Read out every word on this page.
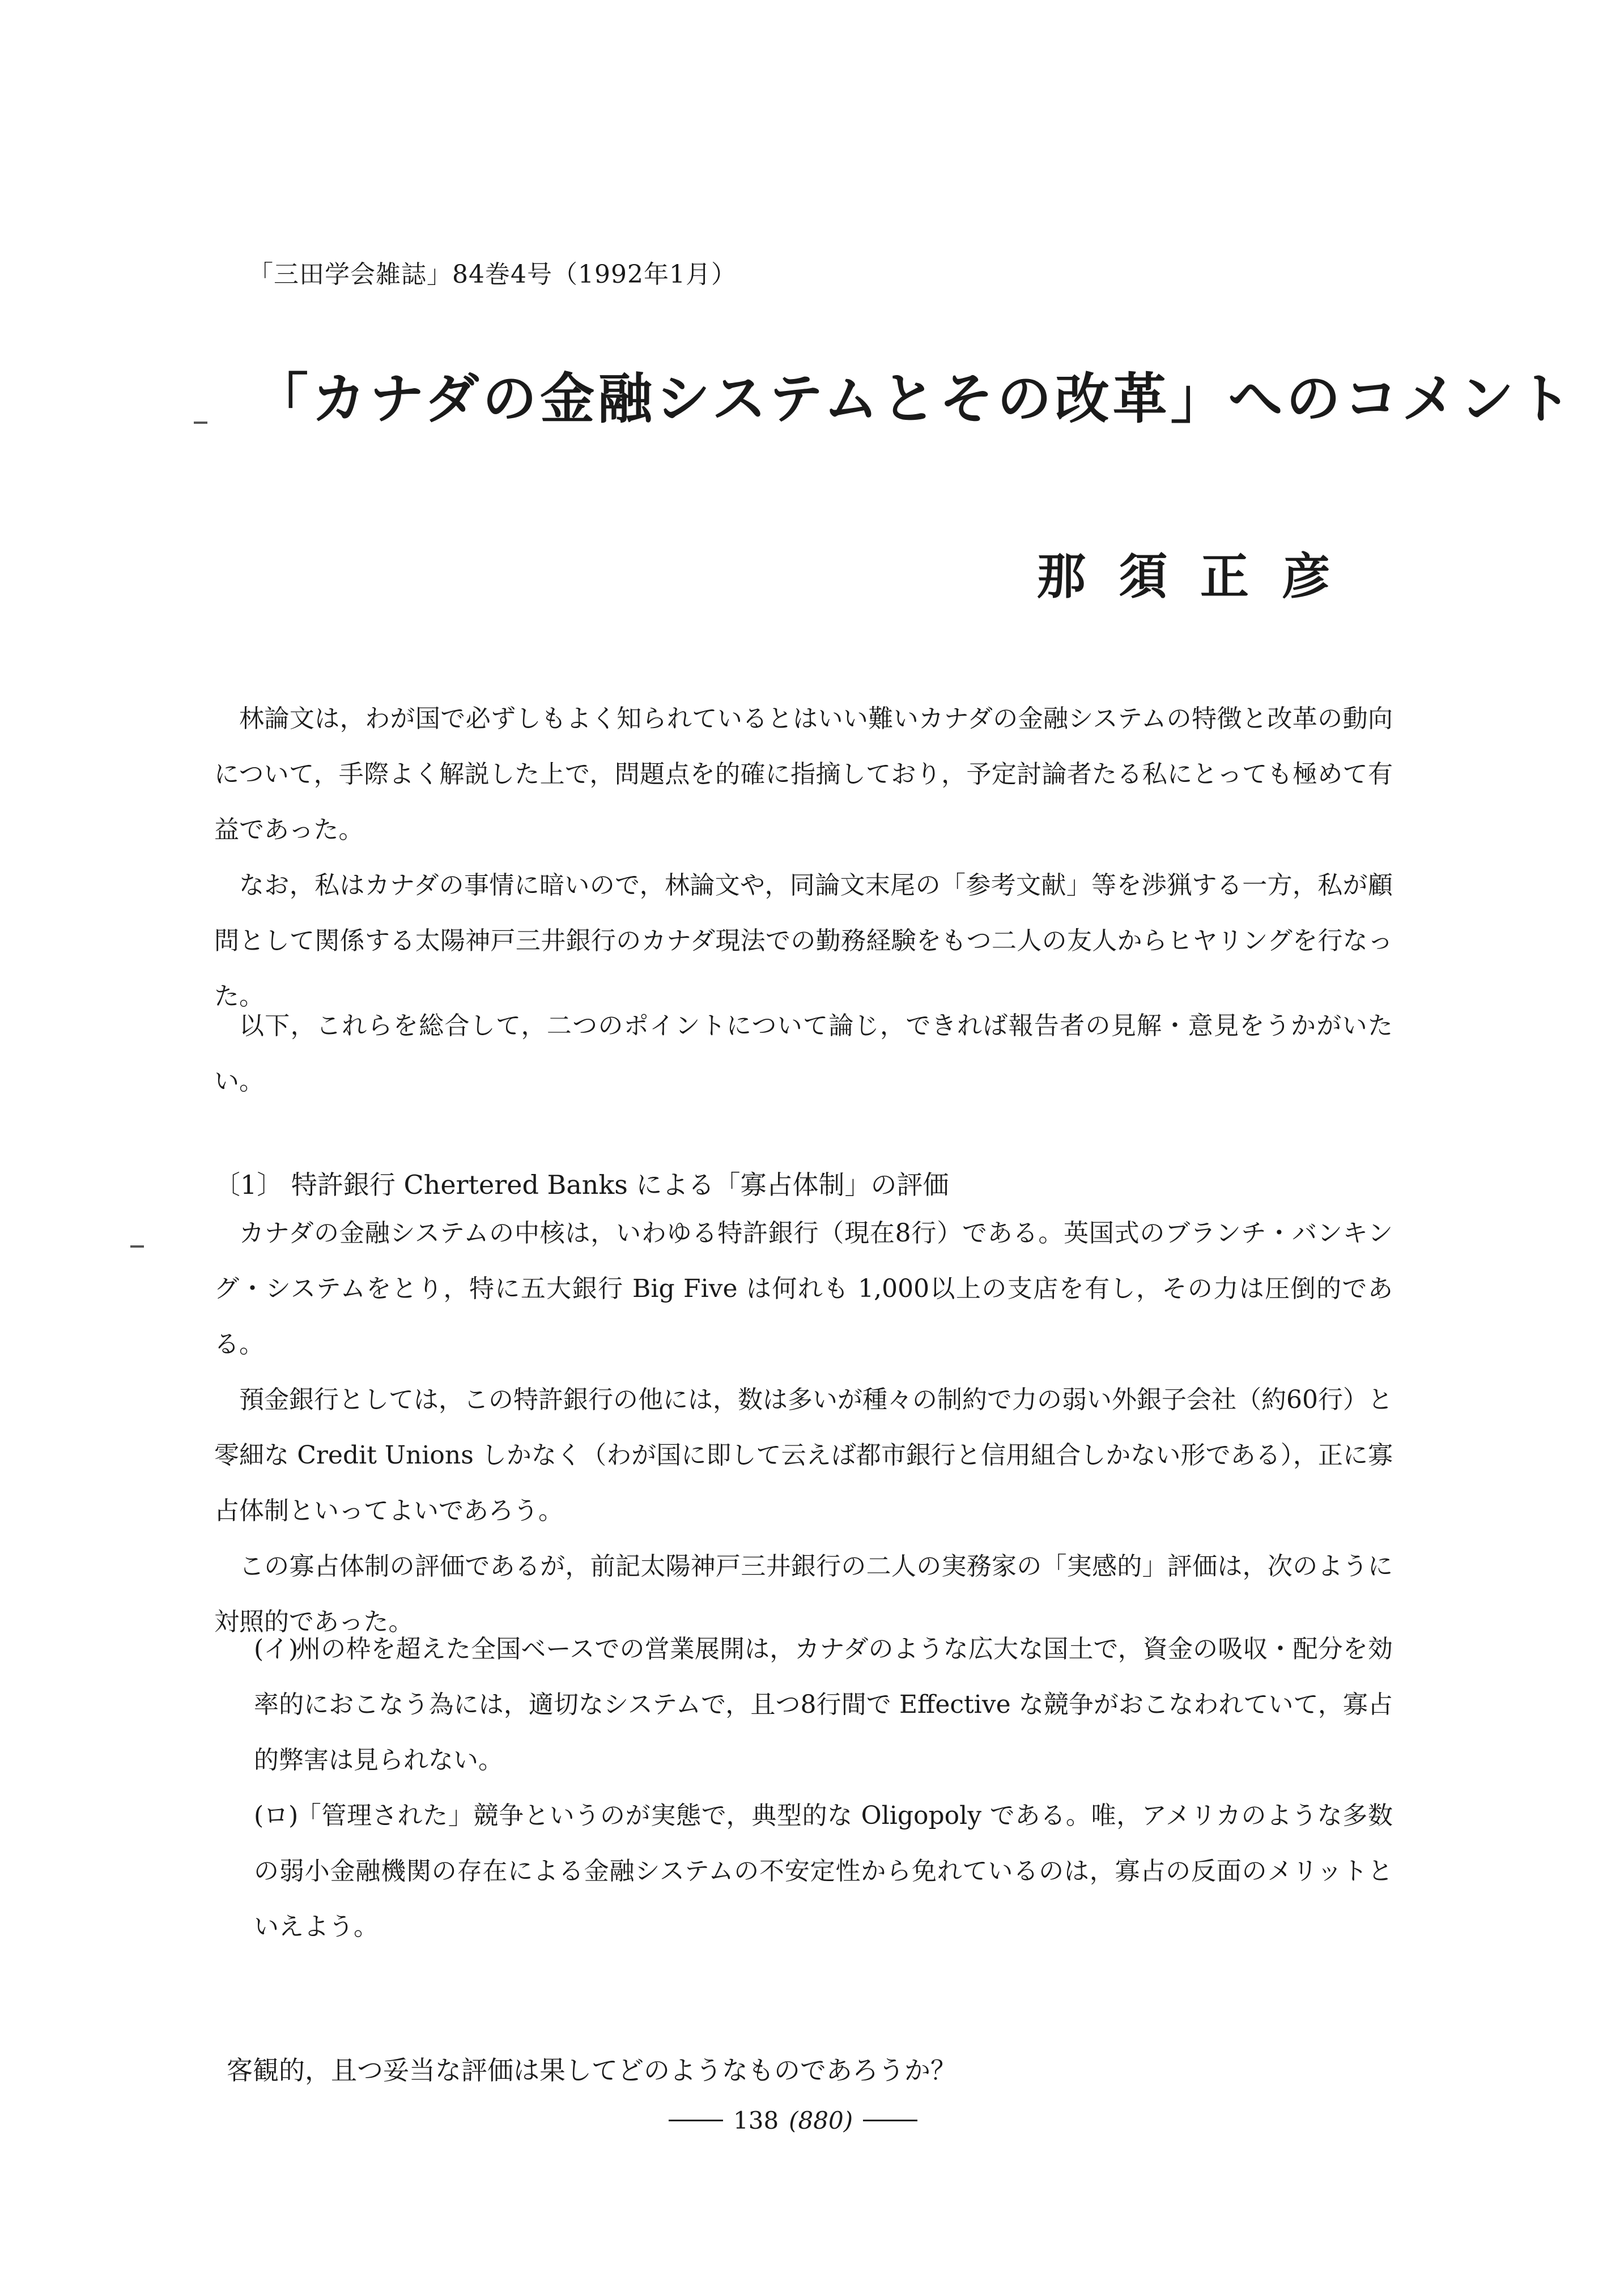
「三田学会雑誌」84巻4号（1992年1月）
「カナダの金融システムとその改革」へのコメント
那須正彦
林論文は，わが国で必ずしもよく知られているとはいい難いカナダの金融システムの特徴と改革の動向について，手際よく解説した上で，問題点を的確に指摘しており，予定討論者たる私にとっても極めて有益であった。
なお，私はカナダの事情に暗いので，林論文や，同論文末尾の「参考文献」等を渉猟する一方，私が顧問として関係する太陽神戸三井銀行のカナダ現法での勤務経験をもつ二人の友人からヒヤリングを行なった。
以下，これらを総合して，二つのポイントについて論じ，できれば報告者の見解・意見をうかがいたい。
〔1〕 特許銀行 Chertered Banks による「寡占体制」の評価
カナダの金融システムの中核は，いわゆる特許銀行（現在8行）である。英国式のブランチ・バンキング・システムをとり，特に五大銀行 Big Five は何れも 1,000以上の支店を有し，その力は圧倒的である。
預金銀行としては，この特許銀行の他には，数は多いが種々の制約で力の弱い外銀子会社（約60行）と零細な Credit Unions しかなく（わが国に即して云えば都市銀行と信用組合しかない形である），正に寡占体制といってよいであろう。
この寡占体制の評価であるが，前記太陽神戸三井銀行の二人の実務家の「実感的」評価は，次のように対照的であった。
(イ)州の枠を超えた全国ベースでの営業展開は，カナダのような広大な国土で，資金の吸収・配分を効率的におこなう為には，適切なシステムで，且つ8行間で Effective な競争がおこなわれていて，寡占的弊害は見られない。
(ロ)「管理された」競争というのが実態で，典型的な Oligopoly である。唯，アメリカのような多数の弱小金融機関の存在による金融システムの不安定性から免れているのは，寡占の反面のメリットといえよう。
客観的，且つ妥当な評価は果してどのようなものであろうか？
138 (880)
